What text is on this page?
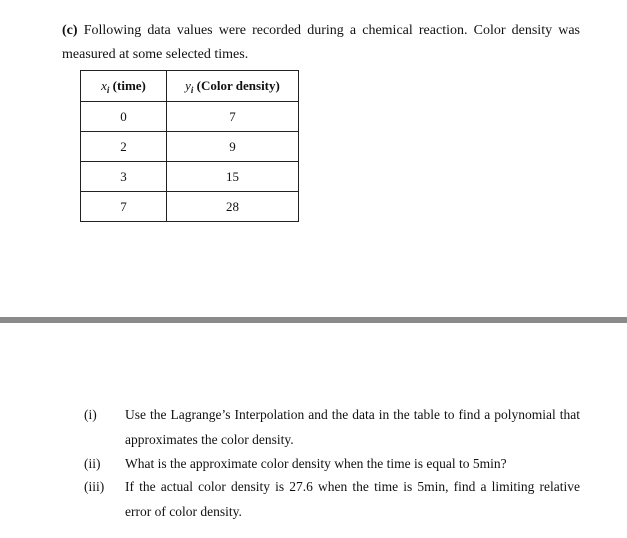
(c) Following data values were recorded during a chemical reaction. Color density was
measured at some selected times.
$x_i$ (time)	$y_i$ (Color density)
0	7
2	9
3	15
7	28
(i)	Use the Lagrange’s Interpolation and the data in the table to find a polynomial that approximates the color density.
(ii)	What is the approximate color density when the time is equal to 5min?
(iii)	If the actual color density is 27.6 when the time is 5min, find a limiting relative error of color density.
